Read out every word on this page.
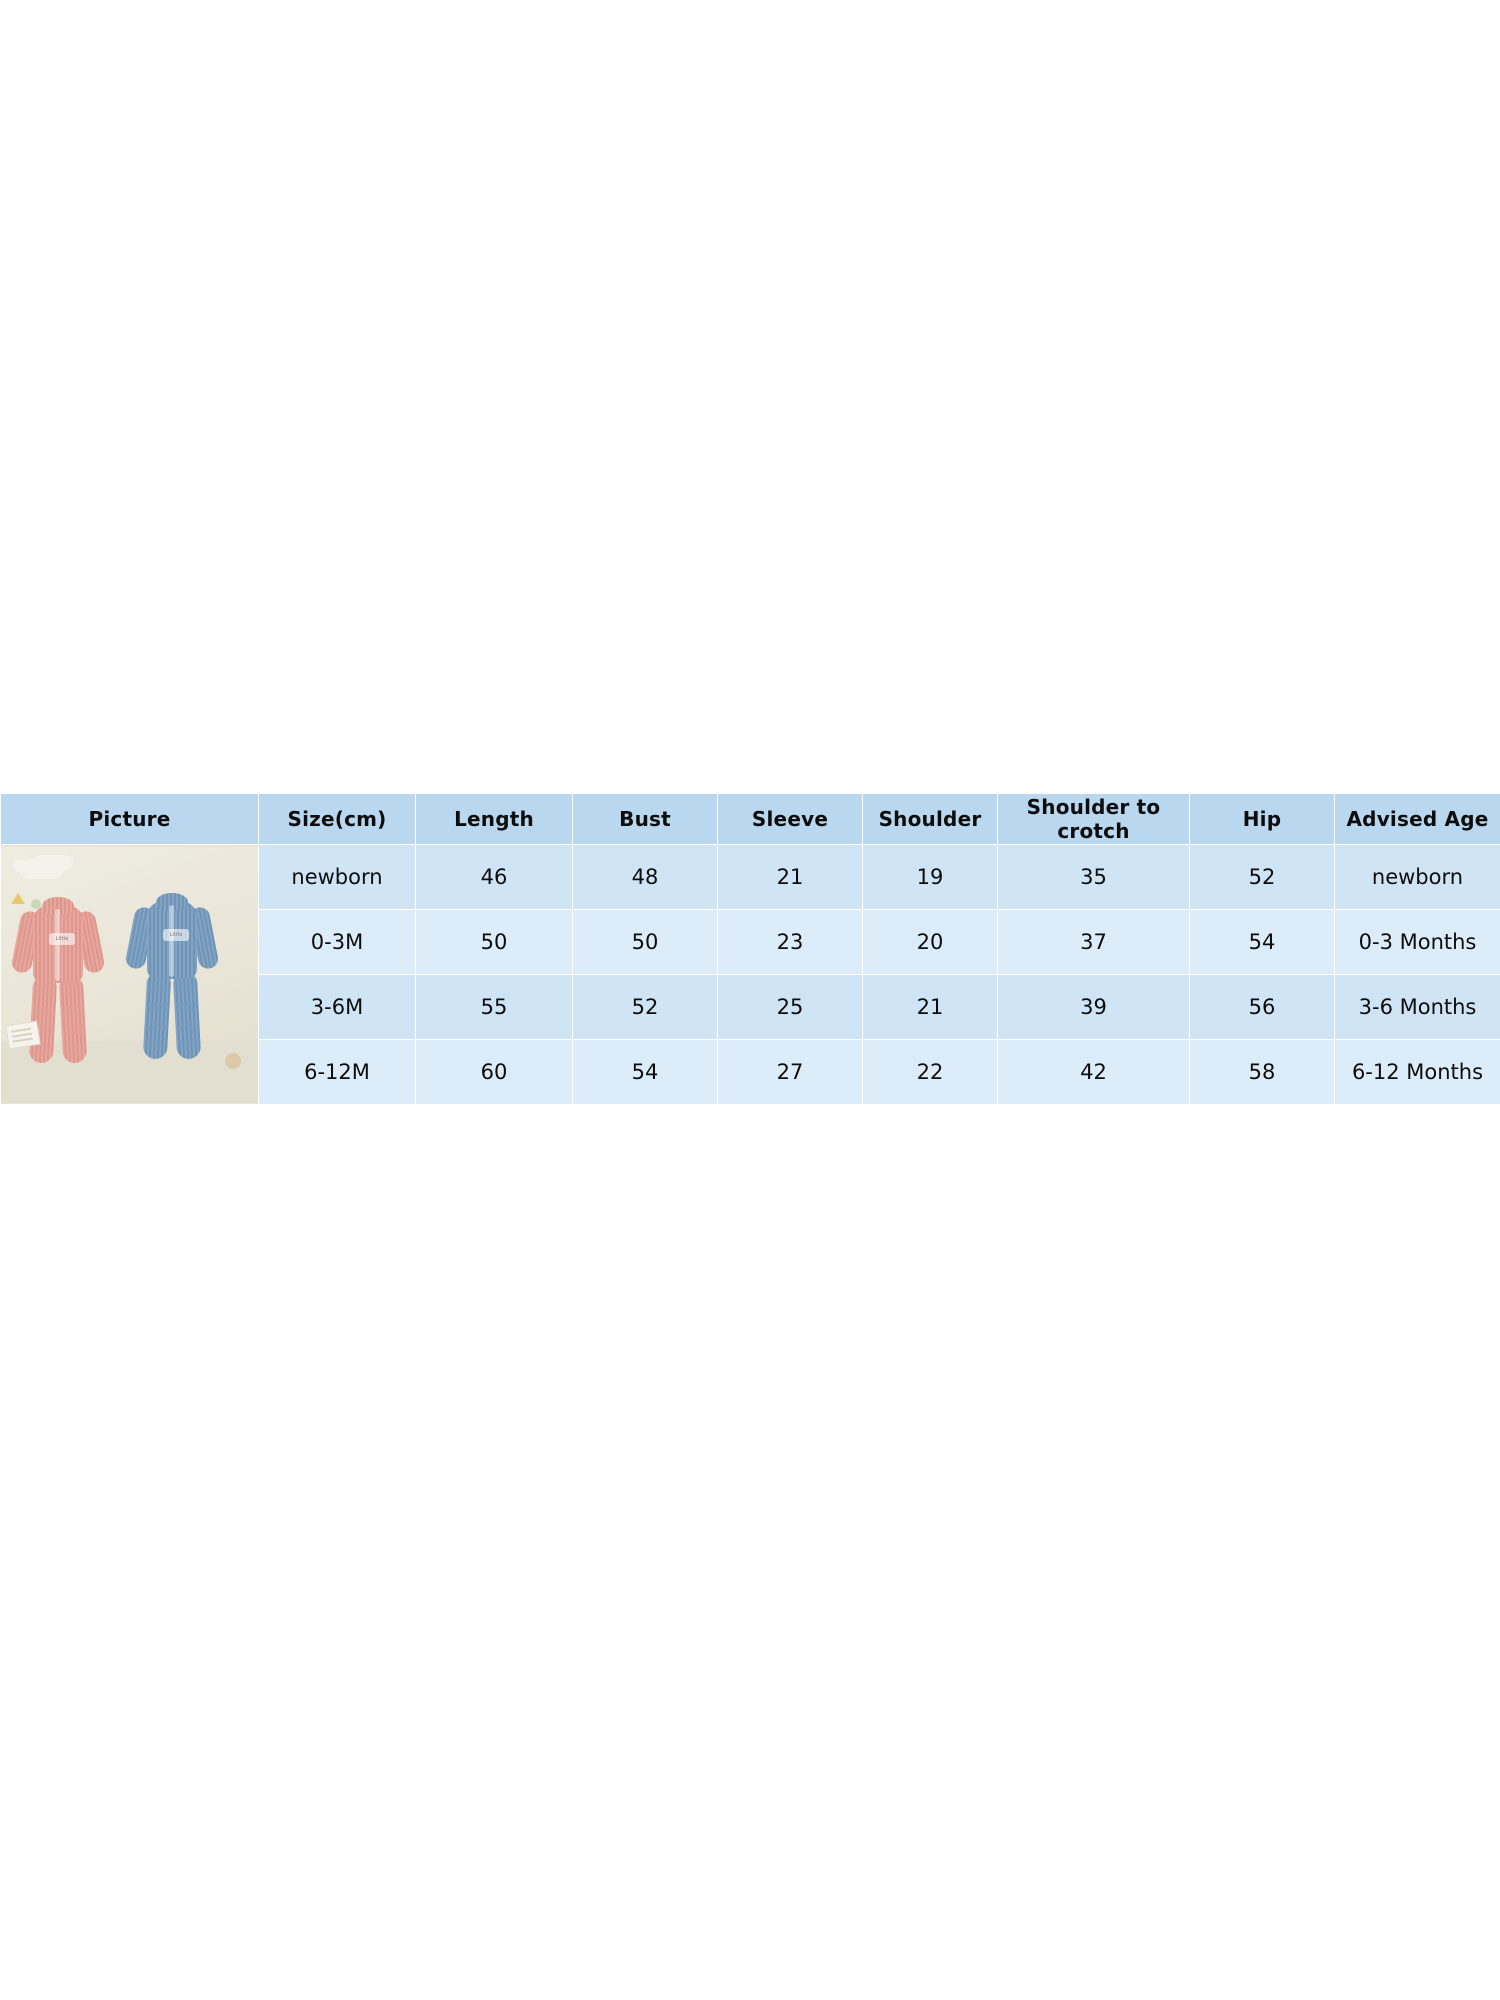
Picture	Size(cm)	Length	Bust	Sleeve	Shoulder	Shoulder to crotch	Hip	Advised Age

Little
Little	newborn	46	48	21	19	35	52	newborn
	0-3M	50	50	23	20	37	54	0-3 Months
	3-6M	55	52	25	21	39	56	3-6 Months
	6-12M	60	54	27	22	42	58	6-12 Months
